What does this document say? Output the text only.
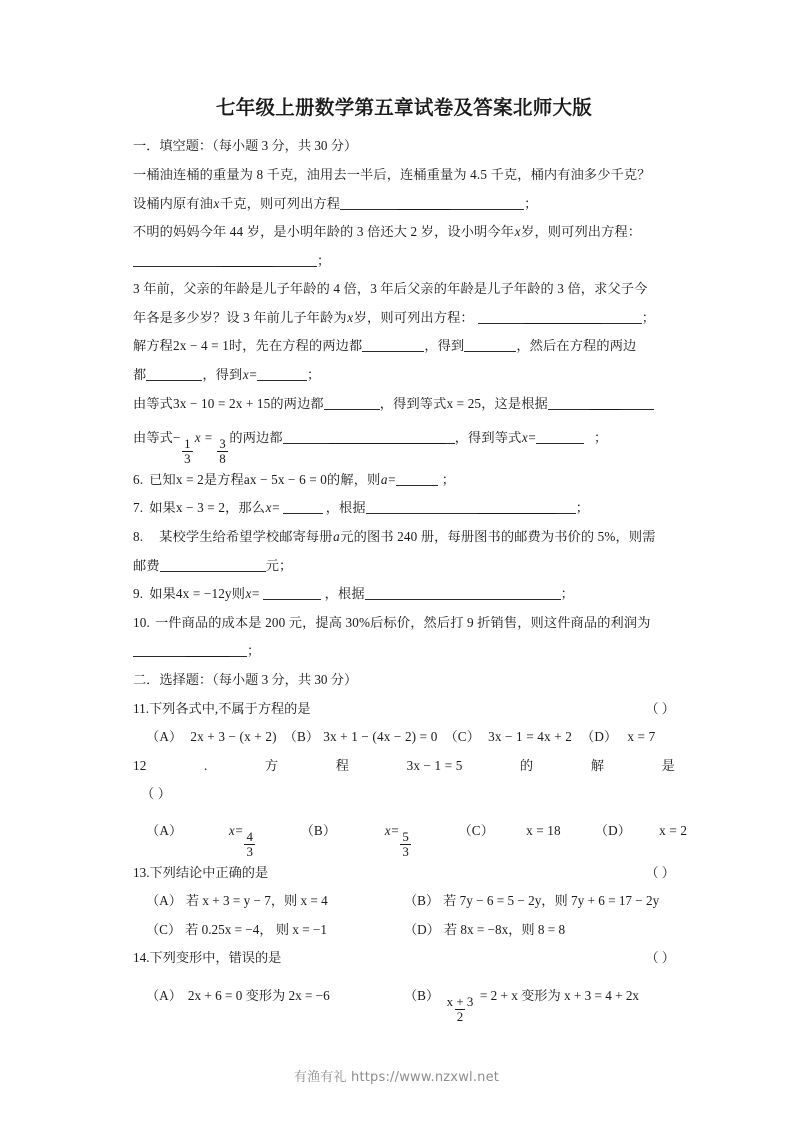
七年级上册数学第五章试卷及答案北师大版
一．填空题：（每小题 3 分，共 30 分）
一桶油连桶的重量为 8 千克，油用去一半后，连桶重量为 4.5 千克，桶内有油多少千克？
设桶内原有油x千克，则可列出方程	；
不明的妈妈今年 44 岁，是小明年龄的 3 倍还大 2 岁，设小明今年x岁，则可列出方程：
；
3 年前，父亲的年龄是儿子年龄的 4 倍，3 年后父亲的年龄是儿子年龄的 3 倍，求父子今
年各是多少岁？设 3 年前儿子年龄为x岁，则可列出方程：	；
解方程2x − 4 = 1时，先在方程的两边都	，得到	，然后在方程的两边
都	，得到x=	；
由等式3x − 10 = 2x + 15的两边都	，得到等式x = 25，这是根据
由等式− $\frac{1}{3}$ $x = \frac{3}{8}$ 的两边都	，得到等式x=	；
6. 已知x = 2是方程ax − 5x − 6 = 0的解，则a=	；
7. 如果x − 3 = 2，那么x=	，根据	；
8. 某校学生给希望学校邮寄每册a元的图书 240 册，每册图书的邮费为书价的 5%，则需
邮费	元；
9. 如果4x = −12y则x=	，根据	；
10. 一件商品的成本是 200 元，提高 30%后标价，然后打 9 折销售，则这件商品的利润为
；
二．选择题：（每小题 3 分，共 30 分）
11.下列各式中,不属于方程的是	（ ）
（A） 2x + 3 − (x + 2) （B） 3x + 1 − (4x − 2) = 0 （C） 3x − 1 = 4x + 2 （D） x = 7
12	.	方	程	3x − 1 = 5	的	解	是
（ ）
（A）	$x= \frac{4}{3}$	（B）	$x= \frac{5}{3}$	（C） x = 18	（D） x = 2
13.下列结论中正确的是	（ ）
（A） 若 x + 3 = y − 7，则 x = 4	（B） 若 7y − 6 = 5 − 2y，则 7y + 6 = 17 − 2y
（C） 若 0.25x = −4， 则 x = −1	（D） 若 8x = −8x，则 8 = 8
14.下列变形中，错误的是	（ ）
（A） 2x + 6 = 0 变形为 2x = −6	$(B) \frac{x + 3}{2} = 2 + x$ 变形为 x + 3 = 4 + 2x
有渔有礼 https://www.nzxwl.net
